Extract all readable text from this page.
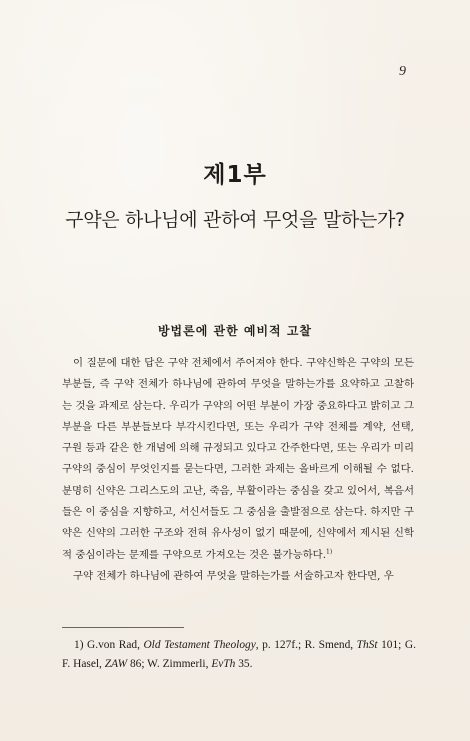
9
제1부
구약은 하나님에 관하여 무엇을 말하는가?
방법론에 관한 예비적 고찰

이 질문에 대한 답은 구약 전체에서 주어져야 한다. 구약신학은 구약의 모든 부분들, 즉 구약 전체가 하나님에 관하여 무엇을 말하는가를 요약하고 고찰하는 것을 과제로 삼는다. 우리가 구약의 어떤 부분이 가장 중요하다고 밝히고 그 부분을 다른 부분들보다 부각시킨다면, 또는 우리가 구약 전체를 계약, 선택, 구원 등과 같은 한 개념에 의해 규정되고 있다고 간주한다면, 또는 우리가 미리 구약의 중심이 무엇인지를 묻는다면, 그러한 과제는 올바르게 이해될 수 없다. 분명히 신약은 그리스도의 고난, 죽음, 부활이라는 중심을 갖고 있어서, 복음서들은 이 중심을 지향하고, 서신서들도 그 중심을 출발점으로 삼는다. 하지만 구약은 신약의 그러한 구조와 전혀 유사성이 없기 때문에, 신약에서 제시된 신학적 중심이라는 문제를 구약으로 가져오는 것은 불가능하다.$^{1)}$

구약 전체가 하나님에 관하여 무엇을 말하는가를 서술하고자 한다면, 우

1) G.von Rad, Old Testament Theology, p. 127f.; R. Smend, ThSt 101; G. F. Hasel, ZAW 86; W. Zimmerli, EvTh 35.
